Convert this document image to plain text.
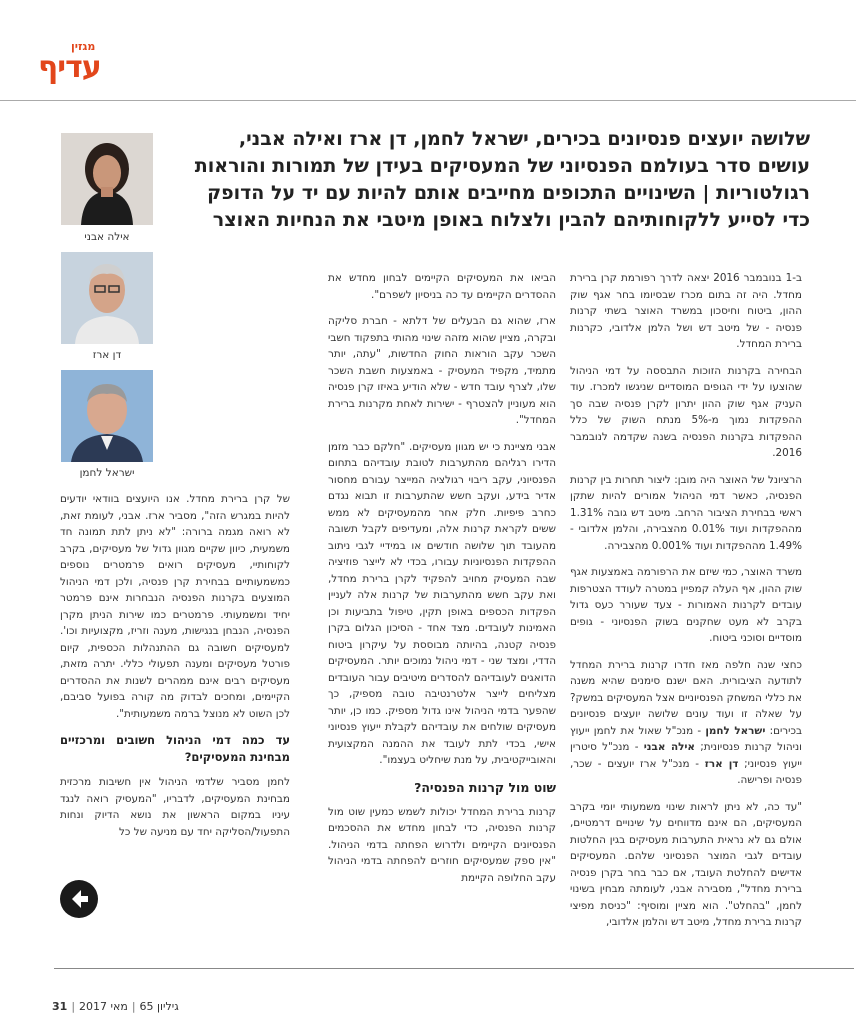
מגזין
עדיף
שלושה יועצים פנסיונים בכירים, ישראל לחמן, דן ארז ואילה אבני, עושים סדר בעולמם הפנסיוני של המעסיקים בעידן של תמורות והוראות רגולטוריות | השינויים התכופים מחייבים אותם להיות עם יד על הדופק כדי לסייע ללקוחותיהם להבין ולצלוח באופן מיטבי את הנחיות האוצר

ב-1 בנובמבר 2016 יצאה לדרך רפורמת קרן ברירת מחדל. היה זה בתום מכרז שבסיומו בחר אגף שוק ההון, ביטוח וחיסכון במשרד האוצר בשתי קרנות פנסיה - של מיטב דש ושל הלמן אלדובי, כקרנות ברירת המחדל.

הבחירה בקרנות הזוכות התבססה על דמי הניהול שהוצעו על ידי הגופים המוסדיים שניגשו למכרז. עוד העניק אגף שוק ההון יתרון לקרן פנסיה שבה סך ההפקדות נמוך מ-5% מנתח השוק של כלל ההפקדות בקרנות הפנסיה בשנה שקדמה לנובמבר 2016.

הרציונל של האוצר היה מובן: ליצור תחרות בין קרנות הפנסיה, כאשר דמי הניהול אמורים להיות שתקן ראשי בבחירת הציבור הרחב. מיטב דש גובה 1.31% מההפקדות ועוד 0.01% מהצבירה, והלמן אלדובי - 1.49% מההפקדות ועוד 0.001% מהצבירה.

משרד האוצר, כמי שיזם את הרפורמה באמצעות אגף שוק ההון, אף העלה קמפיין במטרה לעודד הצטרפות עובדים לקרנות האמורות - צעד שעורר כעס גדול בקרב לא מעט שחקנים בשוק הפנסיוני - גופים מוסדיים וסוכני ביטוח.

כחצי שנה חלפה מאז חדרו קרנות ברירת המחדל לתודעה הציבורית. האם ישנם סימנים שהיא משנה את כללי המשחק הפנסיוניים אצל המעסיקים במשק? על שאלה זו ועוד עונים שלושה יועצים פנסיונים בכירים: ישראל לחמן - מנכ"ל שאול את לחמן ייעוץ וניהול קרנות פנסיונית; אילה אבני - מנכ"ל סיטרין ייעוץ פנסיוני; דן ארז - מנכ"ל ארז יועצים - שכר, פנסיה ופרישה.

"עד כה, לא ניתן לראות שינוי משמעותי יומי בקרב המעסיקים, הם אינם מדווחים על שינויים דרמטיים, אולם גם לא נראית התערבות מעסיקים בגין החלטות עובדים לגבי המוצר הפנסיוני שלהם. המעסיקים אדישים להחלטת העובד, אם כבר בחר בקרן פנסיה ברירת מחדל", מסבירה אבני, לעומתה מבחין בשינוי לחמן, "בהחלט". הוא מציין ומוסיף: "כניסת מפיצי קרנות ברירת מחדל, מיטב דש והלמן אלדובי,

הביאו את המעסיקים הקיימים לבחון מחדש את ההסדרים הקיימים עד כה בניסיון לשפרם".

ארז, שהוא גם הבעלים של דלתא - חברת סליקה ובקרה, מציין שהוא מזהה שינוי מהותי בתפקוד חשבי השכר עקב הוראות החוק החדשות, "עתה, יותר מתמיד, מקפיד המעסיק - באמצעות חשבת השכר שלו, לצרף עובד חדש - שלא הודיע באיזו קרן פנסיה הוא מעוניין להצטרף - ישירות לאחת מקרנות ברירת המחדל".

אבני מציינת כי יש מגוון מעסיקים. "חלקם כבר מזמן הדירו רגליהם מהתערבות לטובת עובדיהם בתחום הפנסיוני, עקב ריבוי רגולציה המייצר עבורם מחסור אדיר בידע, ועקב חשש שהתערבות זו תבוא נגדם כחרב פיפיות. חלק אחר מהמעסיקים לא ממש ששים לקראת קרנות אלה, ומעדיפים לקבל תשובה מהעובד תוך שלושה חודשים או במידיי לגבי ניתוב ההפקדות הפנסיוניות עבורו, בכדי לא לייצר פוזיציה שבה המעסיק מחויב להפקיד לקרן ברירת מחדל, ואת עקב חשש מהתערבות של קרנות אלה לעניין הפקדות הכספים באופן תקין, טיפול בתביעות וכן האמינות לעובדים. מצד אחד - הסיכון הגלום בקרן פנסיה קטנה, בהיותה מבוססת על עיקרון ביטוח הדדי, ומצד שני - דמי ניהול נמוכים יותר. המעסיקים הדואגים לעובדיהם להסדרים מיטיבים עבור העובדים מצליחים לייצר אלטרנטיבה טובה מספיק, כך שהפער בדמי הניהול אינו גדול מספיק. כמו כן, יותר מעסיקים שולחים את עובדיהם לקבלת ייעוץ פנסיוני אישי, בכדי לתת לעובד את ההמנה המקצועית והאובייקטיבית, על מנת שיחליט בעצמו".

שוט מול קרנות הפנסיה?

קרנות ברירת המחדל יכולות לשמש כמעין שוט מול קרנות הפנסיה, כדי לבחון מחדש את ההסכמים הפנסיונים הקיימים ולדרוש הפחתה בדמי הניהול. "אין ספק שמעסיקים חוזרים להפחתה בדמי הניהול עקב החלופה הקיימת

של קרן ברירת מחדל. אנו היועצים בוודאי יודעים להיות במגרש הזה", מסביר ארז. אבני, לעומת זאת, לא רואה מגמה ברורה: "לא ניתן לתת תמונה חד משמעית, כיוון שקיים מגוון גדול של מעסיקים, בקרב לקוחותיי, מעסיקים רואים פרמטרים נוספים כמשמעותיים בבחירת קרן פנסיה, ולכן דמי הניהול המוצעים בקרנות הפנסיה הנבחרות אינם פרמטר יחיד ומשמעותי. פרמטרים כמו שירות הניתן מקרן הפנסיה, הנבחן בנגישות, מענה וזריז, מקצועיות וכו'. למעסיקים חשובה גם ההתנהלות הכספית, קיום פורטל מעסיקים ומענה תפעולי כללי. יתרה מזאת, מעסיקים רבים אינם ממהרים לשנות את ההסדרים הקיימים, ומחכים לבדוק מה קורה בפועל סביבם, לכן השוט לא מנוצל ברמה משמעותית".

עד כמה דמי הניהול חשובים ומרכזיים מבחינת המעסיקים?

לחמן מסביר שלדמי הניהול אין חשיבות מרכזית מבחינת המעסיקים, לדבריו, "המעסיק רואה לנגד עיניו במקום הראשון את נושא הדיוק ונחות התפעול/הסליקה יחד עם מניעה של כל

אילה אבני
דן ארז
ישראל לחמן
31 |	גיליון 65|מאי 2017
